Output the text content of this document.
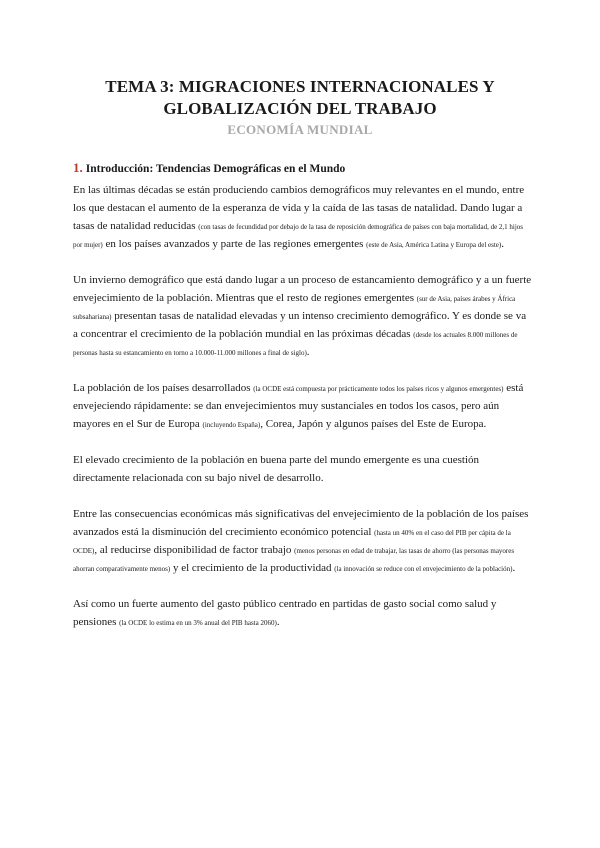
TEMA 3: MIGRACIONES INTERNACIONALES Y
GLOBALIZACIÓN DEL TRABAJO
ECONOMÍA MUNDIAL
1. Introducción: Tendencias Demográficas en el Mundo

En las últimas décadas se están produciendo cambios demográficos muy relevantes en el mundo, entre los que destacan el aumento de la esperanza de vida y la caída de las tasas de natalidad. Dando lugar a tasas de natalidad reducidas (con tasas de fecundidad por debajo de la tasa de reposición demográfica de países con baja mortalidad, de 2,1 hijos por mujer) en los países avanzados y parte de las regiones emergentes (este de Asia, América Latina y Europa del este).

Un invierno demográfico que está dando lugar a un proceso de estancamiento demográfico y a un fuerte envejecimiento de la población. Mientras que el resto de regiones emergentes (sur de Asia, países árabes y África subsahariana) presentan tasas de natalidad elevadas y un intenso crecimiento demográfico. Y es donde se va a concentrar el crecimiento de la población mundial en las próximas décadas (desde los actuales 8.000 millones de personas hasta su estancamiento en torno a 10.000-11.000 millones a final de siglo).

La población de los países desarrollados (la OCDE está compuesta por prácticamente todos los países ricos y algunos emergentes) está envejeciendo rápidamente: se dan envejecimientos muy sustanciales en todos los casos, pero aún mayores en el Sur de Europa (incluyendo España), Corea, Japón y algunos países del Este de Europa.

El elevado crecimiento de la población en buena parte del mundo emergente es una cuestión directamente relacionada con su bajo nivel de desarrollo.

Entre las consecuencias económicas más significativas del envejecimiento de la población de los países avanzados está la disminución del crecimiento económico potencial (hasta un 40% en el caso del PIB per cápita de la OCDE), al reducirse disponibilidad de factor trabajo (menos personas en edad de trabajar, las tasas de ahorro (las personas mayores ahorran comparativamente menos) y el crecimiento de la productividad (la innovación se reduce con el envejecimiento de la población).

Así como un fuerte aumento del gasto público centrado en partidas de gasto social como salud y pensiones (la OCDE lo estima en un 3% anual del PIB hasta 2060).
